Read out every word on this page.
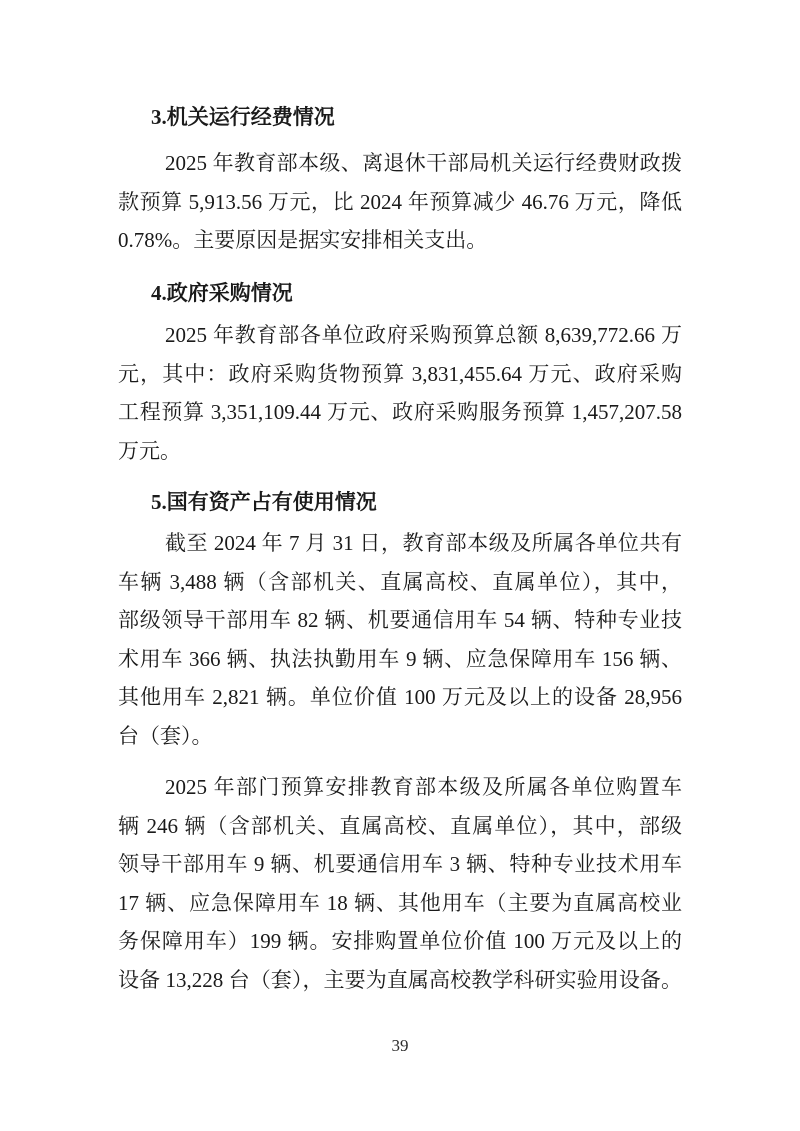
3.机关运行经费情况
2025 年教育部本级、离退休干部局机关运行经费财政拨
款预算 5,913.56 万元，比 2024 年预算减少 46.76 万元，降低
0.78%。主要原因是据实安排相关支出。
4.政府采购情况
2025 年教育部各单位政府采购预算总额 8,639,772.66 万
元，其中：政府采购货物预算 3,831,455.64 万元、政府采购
工程预算 3,351,109.44 万元、政府采购服务预算 1,457,207.58
万元。
5.国有资产占有使用情况
截至 2024 年 7 月 31 日，教育部本级及所属各单位共有
车辆 3,488 辆（含部机关、直属高校、直属单位），其中，
部级领导干部用车 82 辆、机要通信用车 54 辆、特种专业技
术用车 366 辆、执法执勤用车 9 辆、应急保障用车 156 辆、
其他用车 2,821 辆。单位价值 100 万元及以上的设备 28,956
台（套）。
2025 年部门预算安排教育部本级及所属各单位购置车
辆 246 辆（含部机关、直属高校、直属单位），其中，部级
领导干部用车 9 辆、机要通信用车 3 辆、特种专业技术用车
17 辆、应急保障用车 18 辆、其他用车（主要为直属高校业
务保障用车）199 辆。安排购置单位价值 100 万元及以上的
设备 13,228 台（套），主要为直属高校教学科研实验用设备。
39
